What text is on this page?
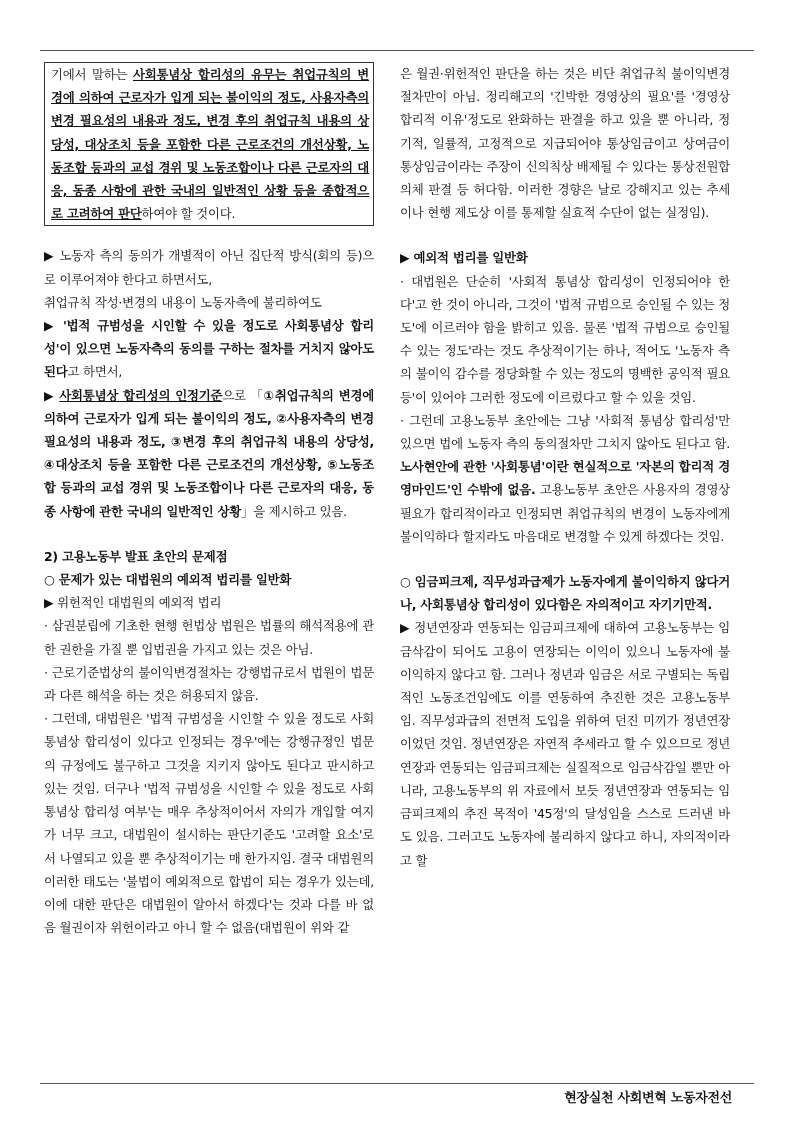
기에서 말하는 사회통념상 합리성의 유무는 취업규칙의 변경에 의하여 근로자가 입게 되는 불이익의 정도, 사용자측의 변경 필요성의 내용과 정도, 변경 후의 취업규칙 내용의 상당성, 대상조치 등을 포함한 다른 근로조건의 개선상황, 노동조합 등과의 교섭 경위 및 노동조합이나 다른 근로자의 대응, 동종 사항에 관한 국내의 일반적인 상황 등을 종합적으로 고려하여 판단하여야 할 것이다.

▶ 노동자 측의 동의가 개별적이 아닌 집단적 방식(회의 등)으로 이루어져야 한다고 하면서도,

취업규칙 작성·변경의 내용이 노동자측에 불리하여도

▶ '법적 규범성을 시인할 수 있을 정도로 사회통념상 합리성'이 있으면 노동자측의 동의를 구하는 절차를 거치지 않아도 된다고 하면서,

▶ 사회통념상 합리성의 인정기준으로 「①취업규칙의 변경에 의하여 근로자가 입게 되는 불이익의 정도, ②사용자측의 변경 필요성의 내용과 정도, ③변경 후의 취업규칙 내용의 상당성, ④대상조치 등을 포함한 다른 근로조건의 개선상황, ⑤노동조합 등과의 교섭 경위 및 노동조합이나 다른 근로자의 대응, 동종 사항에 관한 국내의 일반적인 상황」을 제시하고 있음.

2) 고용노동부 발표 초안의 문제점

○ 문제가 있는 대법원의 예외적 법리를 일반화

▶ 위헌적인 대법원의 예외적 법리

· 삼권분립에 기초한 현행 헌법상 법원은 법률의 해석적용에 관한 권한을 가질 뿐 입법권을 가지고 있는 것은 아님.

· 근로기준법상의 불이익변경절차는 강행법규로서 법원이 법문과 다른 해석을 하는 것은 허용되지 않음.

· 그런데, 대법원은 '법적 규범성을 시인할 수 있을 정도로 사회통념상 합리성이 있다고 인정되는 경우'에는 강행규정인 법문의 규정에도 불구하고 그것을 지키지 않아도 된다고 판시하고 있는 것임. 더구나 '법적 규범성을 시인할 수 있을 정도로 사회통념상 합리성 여부'는 매우 추상적이어서 자의가 개입할 여지가 너무 크고, 대법원이 설시하는 판단기준도 '고려할 요소'로서 나열되고 있을 뿐 추상적이기는 매 한가지임. 결국 대법원의 이러한 태도는 '불법이 예외적으로 합법이 되는 경우가 있는데, 이에 대한 판단은 대법원이 알아서 하겠다'는 것과 다를 바 없음 월권이자 위헌이라고 아니 할 수 없음(대법원이 위와 같

은 월권·위헌적인 판단을 하는 것은 비단 취업규칙 불이익변경 절차만이 아님. 정리해고의 '긴박한 경영상의 필요'를 '경영상 합리적 이유'정도로 완화하는 판결을 하고 있을 뿐 아니라, 정기적, 일률적, 고정적으로 지급되어야 통상임금이고 상여금이 통상임금이라는 주장이 신의칙상 배제될 수 있다는 통상전원합의체 판결 등 허다함. 이러한 경향은 날로 강해지고 있는 추세이나 현행 제도상 이를 통제할 실효적 수단이 없는 실정임).

▶ 예외적 법리를 일반화

· 대법원은 단순히 '사회적 통념상 합리성이 인정되어야 한다'고 한 것이 아니라, 그것이 '법적 규범으로 승인될 수 있는 정도'에 이르러야 함을 밝히고 있음. 물론 '법적 규범으로 승인될 수 있는 정도'라는 것도 추상적이기는 하나, 적어도 '노동자 측의 불이익 감수를 정당화할 수 있는 정도의 명백한 공익적 필요 등'이 있어야 그러한 정도에 이르렀다고 할 수 있을 것임.

· 그런데 고용노동부 초안에는 그냥 '사회적 통념상 합리성'만 있으면 법에 노동자 측의 동의절차만 그치지 않아도 된다고 함. 노사현안에 관한 '사회통념'이란 현실적으로 '자본의 합리적 경영마인드'인 수밖에 없음. 고용노동부 초안은 사용자의 경영상 필요가 합리적이라고 인정되면 취업규칙의 변경이 노동자에게 불이익하다 할지라도 마음대로 변경할 수 있게 하겠다는 것임.

○ 임금피크제, 직무성과급제가 노동자에게 불이익하지 않다거나, 사회통념상 합리성이 있다함은 자의적이고 자기기만적.

▶ 정년연장과 연동되는 임금피크제에 대하여 고용노동부는 임금삭감이 되어도 고용이 연장되는 이익이 있으니 노동자에 불이익하지 않다고 함. 그러나 정년과 임금은 서로 구별되는 독립적인 노동조건임에도 이를 연동하여 추진한 것은 고용노동부임. 직무성과급의 전면적 도입을 위하여 던진 미끼가 정년연장이었던 것임. 정년연장은 자연적 추세라고 할 수 있으므로 정년연장과 연동되는 임금피크제는 실질적으로 임금삭감일 뿐만 아니라, 고용노동부의 위 자료에서 보듯 정년연장과 연동되는 임금피크제의 추진 목적이 '45정'의 달성임을 스스로 드러낸 바도 있음. 그러고도 노동자에 불리하지 않다고 하니, 자의적이라고 할

현장실천 사회변혁 노동자전선
